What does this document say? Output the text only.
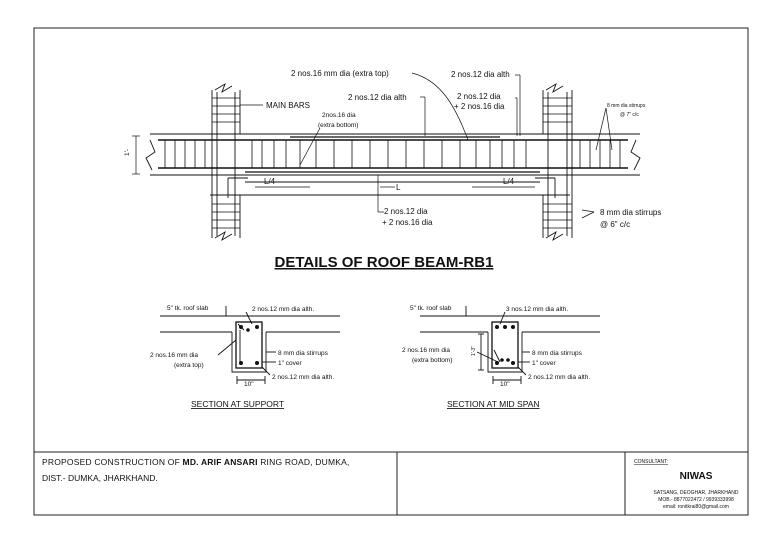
MAIN BARS
2 nos.16 mm dia (extra top)
2 nos.12 dia alth
2 nos.12 dia alth
2 nos.12 dia
+ 2 nos.16 dia
2nos.16 dia
(extra bottom)
8 mm dia stirrups
@ 7" c/c
8 mm dia stirrups
@ 6" c/c
L/4
L
L/4
2 nos.12 dia
+ 2 nos.16 dia
1'-
DETAILS OF ROOF BEAM-RB1
5" tk. roof slab	2 nos.12 mm dia alth.
2 nos.16 mm dia
(extra top)
8 mm dia stirrups
1" cover
2 nos.12 mm dia alth.
10"
SECTION AT SUPPORT
5" tk. roof slab	3 nos.12 mm dia alth.
2 nos.16 mm dia
(extra bottom)
8 mm dia stirrups
1" cover
2 nos.12 mm dia alth.
10"
1'-3"
SECTION AT MID SPAN
PROPOSED CONSTRUCTION OF MD. ARIF ANSARI RING ROAD, DUMKA,
DIST.- DUMKA, JHARKHAND.
CONSULTANT:
NIWAS
SATSANG, DEOGHAR, JHARKHAND
MOB.- 8877022472 / 9939333998
email: ronitkrai80@gmail.com
